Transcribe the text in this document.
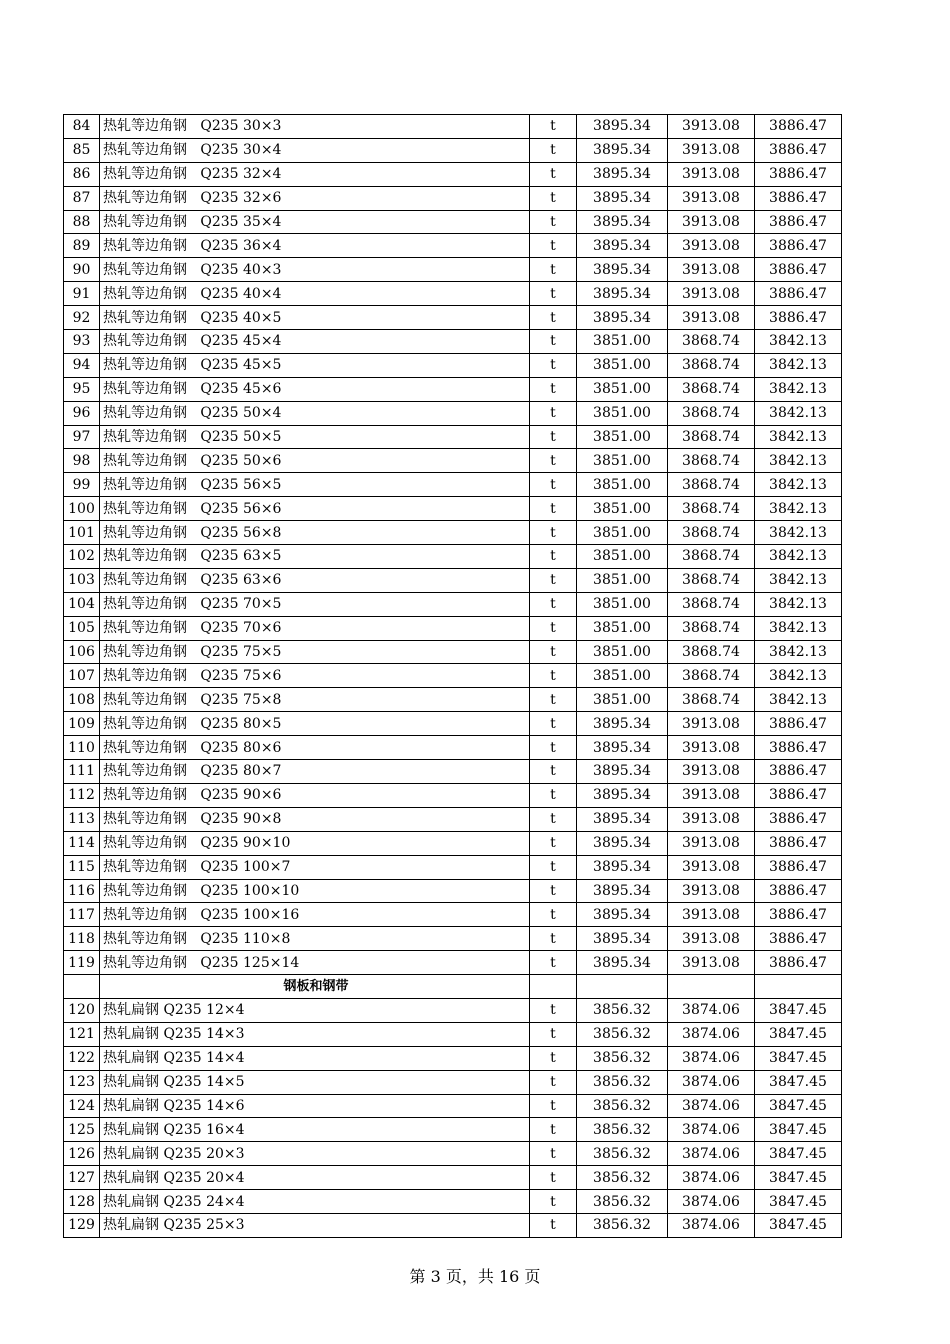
84	热轧等边角钢   Q235 30×3	t	3895.34	3913.08	3886.47
85	热轧等边角钢   Q235 30×4	t	3895.34	3913.08	3886.47
86	热轧等边角钢   Q235 32×4	t	3895.34	3913.08	3886.47
87	热轧等边角钢   Q235 32×6	t	3895.34	3913.08	3886.47
88	热轧等边角钢   Q235 35×4	t	3895.34	3913.08	3886.47
89	热轧等边角钢   Q235 36×4	t	3895.34	3913.08	3886.47
90	热轧等边角钢   Q235 40×3	t	3895.34	3913.08	3886.47
91	热轧等边角钢   Q235 40×4	t	3895.34	3913.08	3886.47
92	热轧等边角钢   Q235 40×5	t	3895.34	3913.08	3886.47
93	热轧等边角钢   Q235 45×4	t	3851.00	3868.74	3842.13
94	热轧等边角钢   Q235 45×5	t	3851.00	3868.74	3842.13
95	热轧等边角钢   Q235 45×6	t	3851.00	3868.74	3842.13
96	热轧等边角钢   Q235 50×4	t	3851.00	3868.74	3842.13
97	热轧等边角钢   Q235 50×5	t	3851.00	3868.74	3842.13
98	热轧等边角钢   Q235 50×6	t	3851.00	3868.74	3842.13
99	热轧等边角钢   Q235 56×5	t	3851.00	3868.74	3842.13
100	热轧等边角钢   Q235 56×6	t	3851.00	3868.74	3842.13
101	热轧等边角钢   Q235 56×8	t	3851.00	3868.74	3842.13
102	热轧等边角钢   Q235 63×5	t	3851.00	3868.74	3842.13
103	热轧等边角钢   Q235 63×6	t	3851.00	3868.74	3842.13
104	热轧等边角钢   Q235 70×5	t	3851.00	3868.74	3842.13
105	热轧等边角钢   Q235 70×6	t	3851.00	3868.74	3842.13
106	热轧等边角钢   Q235 75×5	t	3851.00	3868.74	3842.13
107	热轧等边角钢   Q235 75×6	t	3851.00	3868.74	3842.13
108	热轧等边角钢   Q235 75×8	t	3851.00	3868.74	3842.13
109	热轧等边角钢   Q235 80×5	t	3895.34	3913.08	3886.47
110	热轧等边角钢   Q235 80×6	t	3895.34	3913.08	3886.47
111	热轧等边角钢   Q235 80×7	t	3895.34	3913.08	3886.47
112	热轧等边角钢   Q235 90×6	t	3895.34	3913.08	3886.47
113	热轧等边角钢   Q235 90×8	t	3895.34	3913.08	3886.47
114	热轧等边角钢   Q235 90×10	t	3895.34	3913.08	3886.47
115	热轧等边角钢   Q235 100×7	t	3895.34	3913.08	3886.47
116	热轧等边角钢   Q235 100×10	t	3895.34	3913.08	3886.47
117	热轧等边角钢   Q235 100×16	t	3895.34	3913.08	3886.47
118	热轧等边角钢   Q235 110×8	t	3895.34	3913.08	3886.47
119	热轧等边角钢   Q235 125×14	t	3895.34	3913.08	3886.47
	钢板和钢带				
120	热轧扁钢 Q235 12×4	t	3856.32	3874.06	3847.45
121	热轧扁钢 Q235 14×3	t	3856.32	3874.06	3847.45
122	热轧扁钢 Q235 14×4	t	3856.32	3874.06	3847.45
123	热轧扁钢 Q235 14×5	t	3856.32	3874.06	3847.45
124	热轧扁钢 Q235 14×6	t	3856.32	3874.06	3847.45
125	热轧扁钢 Q235 16×4	t	3856.32	3874.06	3847.45
126	热轧扁钢 Q235 20×3	t	3856.32	3874.06	3847.45
127	热轧扁钢 Q235 20×4	t	3856.32	3874.06	3847.45
128	热轧扁钢 Q235 24×4	t	3856.32	3874.06	3847.45
129	热轧扁钢 Q235 25×3	t	3856.32	3874.06	3847.45
第 3 页，共 16 页
